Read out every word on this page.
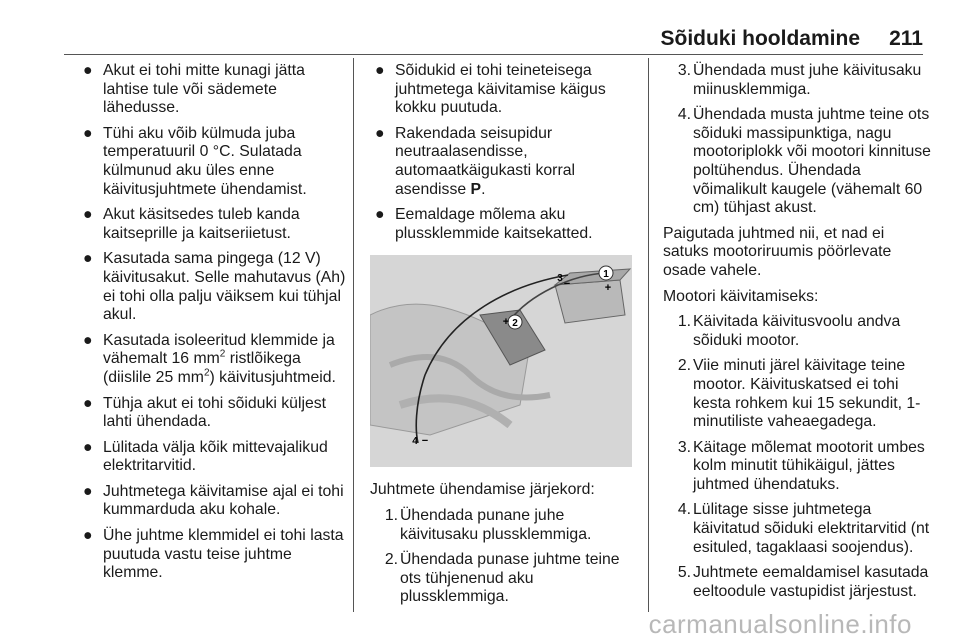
Sõiduki hooldamine 211
● Akut ei tohi mitte kunagi jätta lahtise tule või sädemete lähedusse.
● Tühi aku võib külmuda juba temperatuuril 0 °C. Sulatada külmunud aku üles enne käivitusjuhtmete ühendamist.
● Akut käsitsedes tuleb kanda kaitseprille ja kaitseriietust.
● Kasutada sama pingega (12 V) käivitusakut. Selle mahutavus (Ah) ei tohi olla palju väiksem kui tühjal akul.
● Kasutada isoleeritud klemmide ja vähemalt 16 $mm^2$ ristlõikega (diislile 25 $mm^2$) käivitusjuhtmeid.
● Tühja akut ei tohi sõiduki küljest lahti ühendada.
● Lülitada välja kõik mittevajalikud elektritarvitid.
● Juhtmetega käivitamise ajal ei tohi kummarduda aku kohale.
● Ühe juhtme klemmidel ei tohi lasta puutuda vastu teise juhtme klemme.
● Sõidukid ei tohi teineteisega juhtmetega käivitamise käigus kokku puutuda.
● Rakendada seisupidur neutraalasendisse, automaatkäigukasti korral asendisse P.
● Eemaldage mõlema aku plussklemmide kaitsekatted.
1
2
3
4
+
+
−
−
Juhtmete ühendamise järjekord:
1. Ühendada punane juhe käivitusaku plussklemmiga.
2. Ühendada punase juhtme teine ots tühjenenud aku plussklemmiga.
3. Ühendada must juhe käivitusaku miinusklemmiga.
4. Ühendada musta juhtme teine ots sõiduki massipunktiga, nagu mootoriplokk või mootori kinnituse poltühendus. Ühendada võimalikult kaugele (vähemalt 60 cm) tühjast akust.
Paigutada juhtmed nii, et nad ei satuks mootoriruumis pöörlevate osade vahele.
Mootori käivitamiseks:
1. Käivitada käivitusvoolu andva sõiduki mootor.
2. Viie minuti järel käivitage teine mootor. Käivituskatsed ei tohi kesta rohkem kui 15 sekundit, 1-minutiliste vaheaegadega.
3. Käitage mõlemat mootorit umbes kolm minutit tühikäigul, jättes juhtmed ühendatuks.
4. Lülitage sisse juhtmetega käivitatud sõiduki elektritarvitid (nt esituled, tagaklaasi soojendus).
5. Juhtmete eemaldamisel kasutada eeltoodule vastupidist järjestust.
carmanualsonline.info
